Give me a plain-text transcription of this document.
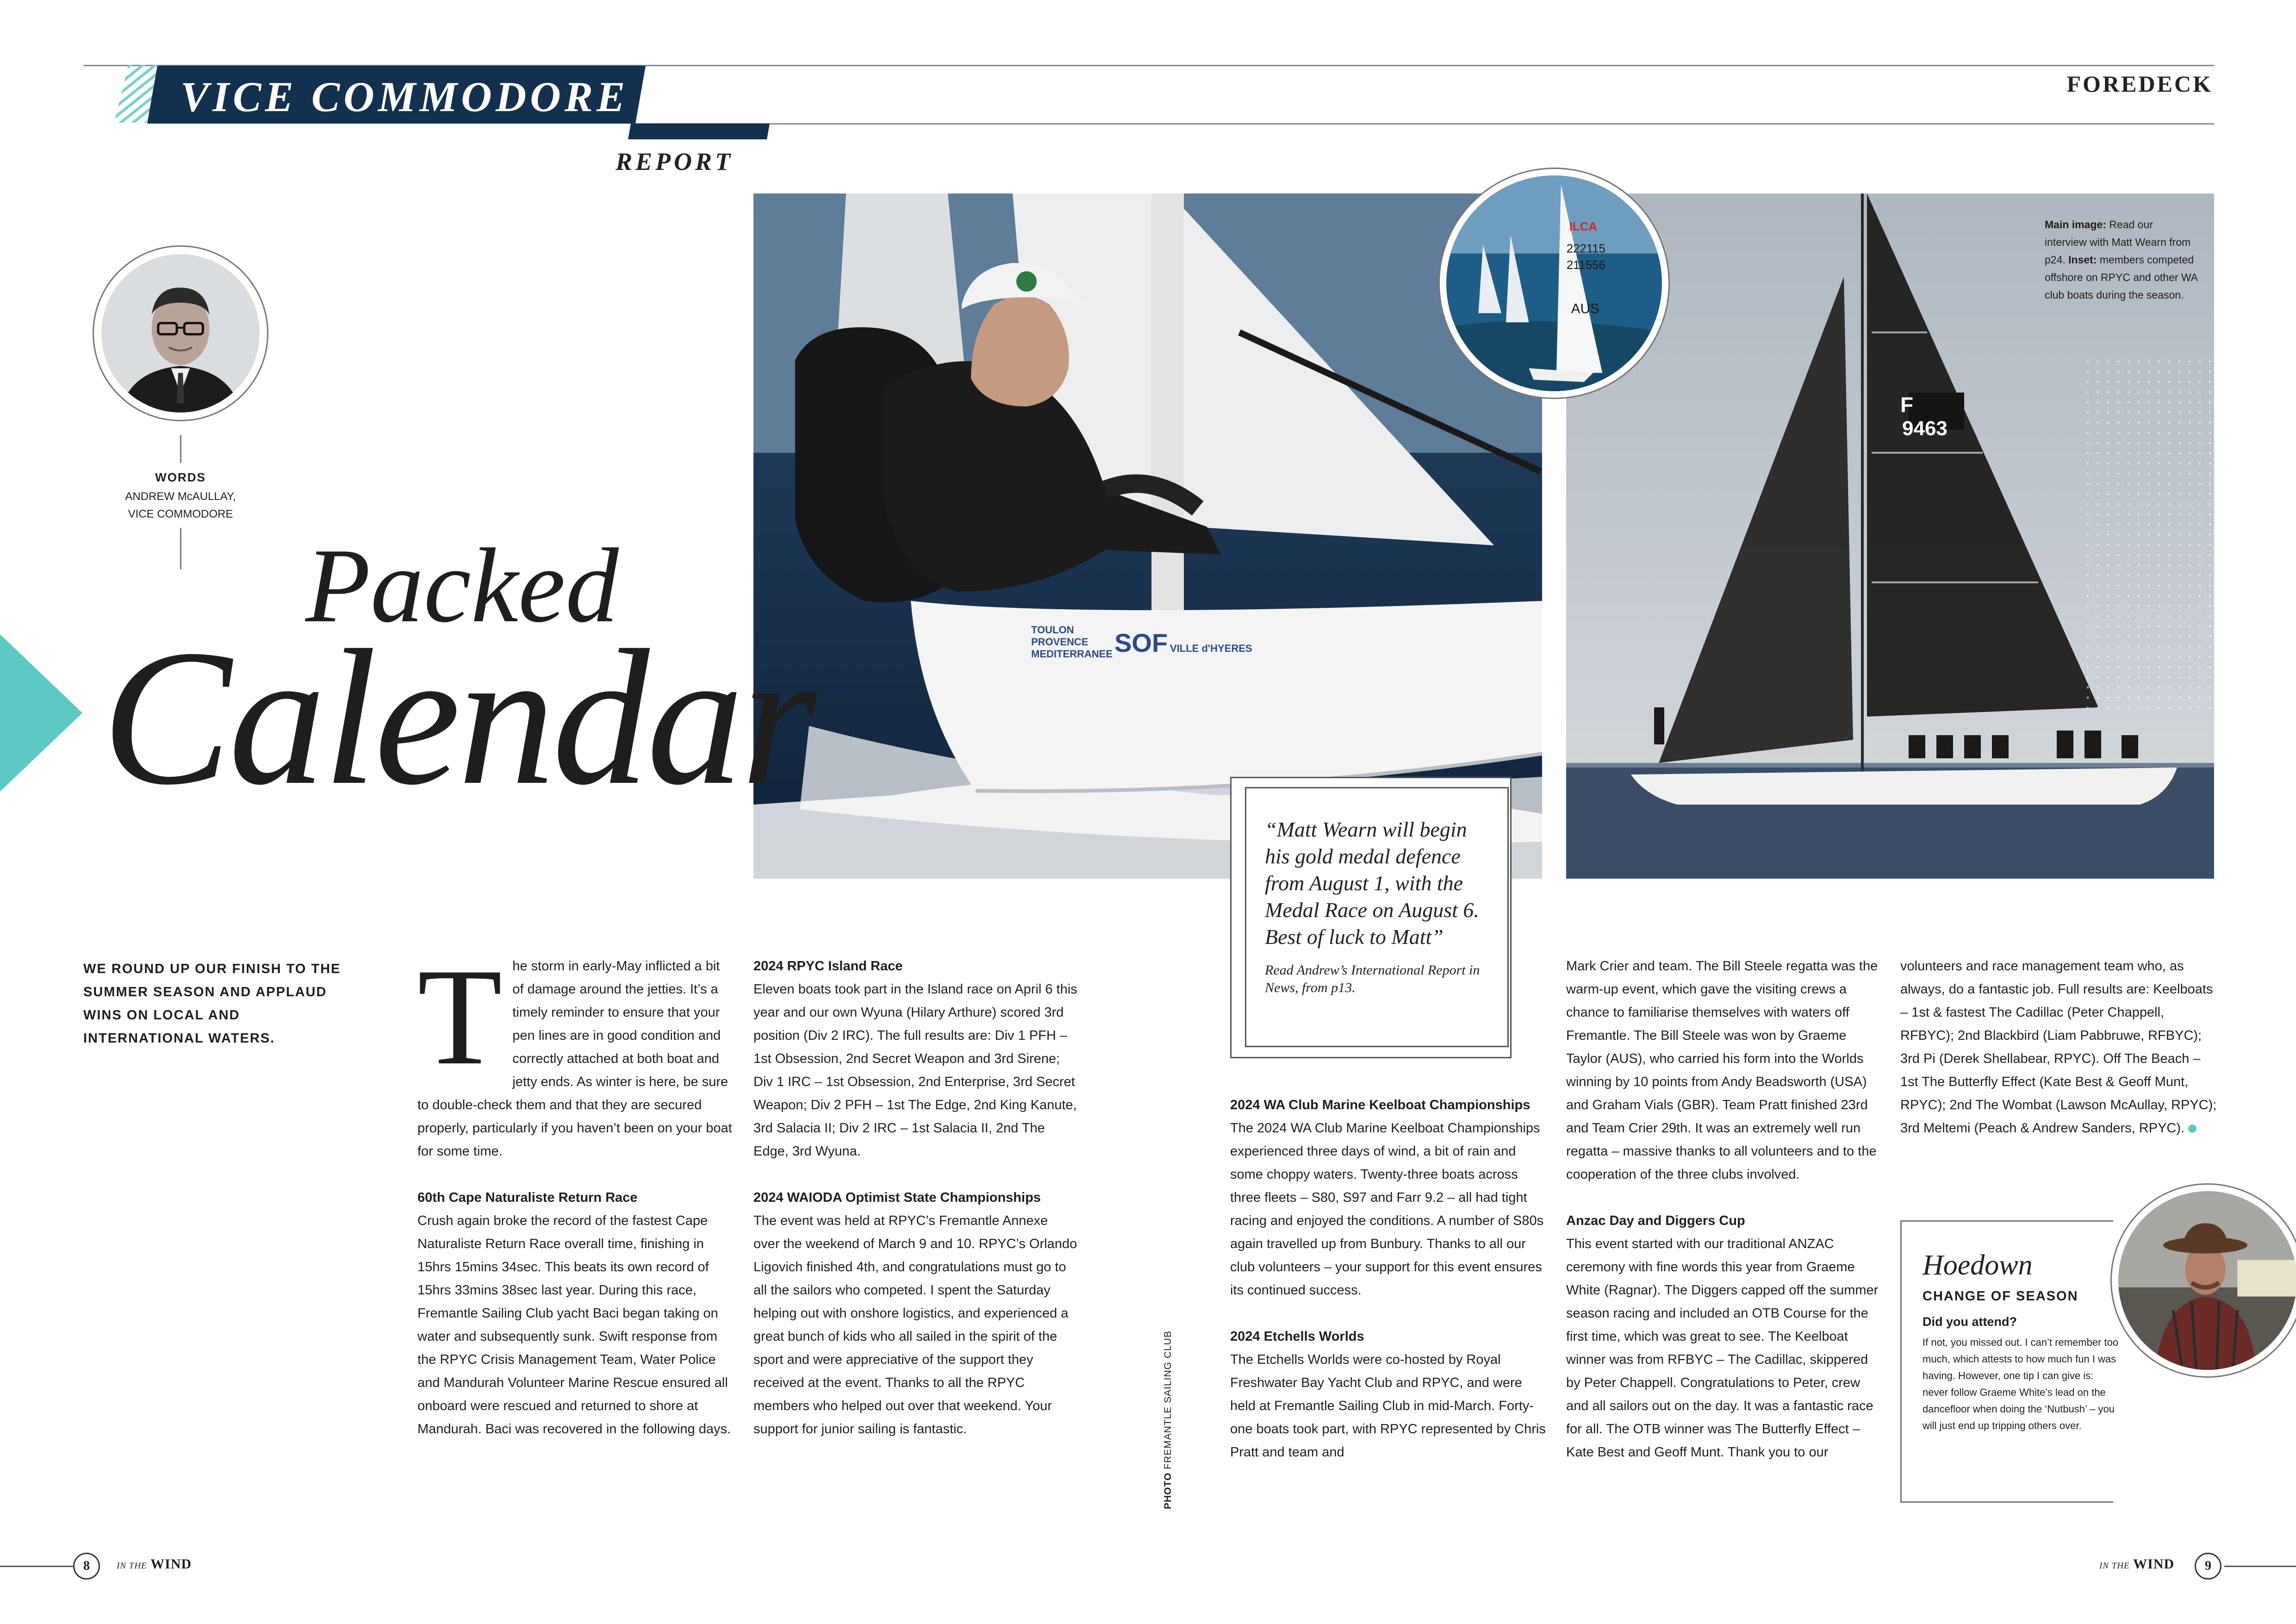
VICE COMMODORE
REPORT
FOREDECK
WORDS
ANDREW McAULLAY,
VICE COMMODORE
TOULON
PROVENCE
MEDITERRANEE SOF VILLE d'HYERES
F
9463
Main image: Read our interview with Matt Wearn from p24. Inset: members competed offshore on RPYC and other WA club boats during the season.
ILCA
222115
211556
AUS
Packed
Calendar
“Matt Wearn will begin his gold medal defence from August 1, with the Medal Race on August 6. Best of luck to Matt”
Read Andrew’s International Report in News, from p13.
WE ROUND UP OUR FINISH TO THE SUMMER SEASON AND APPLAUD WINS ON LOCAL AND INTERNATIONAL WATERS.	The storm in early-May inflicted a bit of damage around the jetties. It’s a timely reminder to ensure that your pen lines are in good condition and correctly attached at both boat and jetty ends. As winter is here, be sure to double-check them and that they are secured properly, particularly if you haven’t been on your boat for some time.

60th Cape Naturaliste Return Race

Crush again broke the record of the fastest Cape Naturaliste Return Race overall time, finishing in 15hrs 15mins 34sec. This beats its own record of 15hrs 33mins 38sec last year. During this race, Fremantle Sailing Club yacht Baci began taking on water and subsequently sunk. Swift response from the RPYC Crisis Management Team, Water Police and Mandurah Volunteer Marine Rescue ensured all onboard were rescued and returned to shore at Mandurah. Baci was recovered in the following days.

2024 RPYC Island Race

Eleven boats took part in the Island race on April 6 this year and our own Wyuna (Hilary Arthure) scored 3rd position (Div 2 IRC). The full results are: Div 1 PFH – 1st Obsession, 2nd Secret Weapon and 3rd Sirene; Div 1 IRC – 1st Obsession, 2nd Enterprise, 3rd Secret Weapon; Div 2 PFH – 1st The Edge, 2nd King Kanute, 3rd Salacia II; Div 2 IRC – 1st Salacia II, 2nd The Edge, 3rd Wyuna.

2024 WAIODA Optimist State Championships

The event was held at RPYC’s Fremantle Annexe over the weekend of March 9 and 10. RPYC’s Orlando Ligovich finished 4th, and congratulations must go to all the sailors who competed. I spent the Saturday helping out with onshore logistics, and experienced a great bunch of kids who all sailed in the spirit of the sport and were appreciative of the support they received at the event. Thanks to all the RPYC members who helped out over that weekend. Your support for junior sailing is fantastic.

PHOTO FREMANTLE SAILING CLUB
2024 WA Club Marine Keelboat Championships

The 2024 WA Club Marine Keelboat Championships experienced three days of wind, a bit of rain and some choppy waters. Twenty-three boats across three fleets – S80, S97 and Farr 9.2 – all had tight racing and enjoyed the conditions. A number of S80s again travelled up from Bunbury. Thanks to all our club volunteers – your support for this event ensures its continued success.

2024 Etchells Worlds

The Etchells Worlds were co-hosted by Royal Freshwater Bay Yacht Club and RPYC, and were held at Fremantle Sailing Club in mid-March. Forty-one boats took part, with RPYC represented by Chris Pratt and team and

Mark Crier and team. The Bill Steele regatta was the warm-up event, which gave the visiting crews a chance to familiarise themselves with waters off Fremantle. The Bill Steele was won by Graeme Taylor (AUS), who carried his form into the Worlds winning by 10 points from Andy Beadsworth (USA) and Graham Vials (GBR). Team Pratt finished 23rd and Team Crier 29th. It was an extremely well run regatta – massive thanks to all volunteers and to the cooperation of the three clubs involved.

Anzac Day and Diggers Cup

This event started with our traditional ANZAC ceremony with fine words this year from Graeme White (Ragnar). The Diggers capped off the summer season racing and included an OTB Course for the first time, which was great to see. The Keelboat winner was from RFBYC – The Cadillac, skippered by Peter Chappell. Congratulations to Peter, crew and all sailors out on the day. It was a fantastic race for all. The OTB winner was The Butterfly Effect – Kate Best and Geoff Munt. Thank you to our

volunteers and race management team who, as always, do a fantastic job. Full results are: Keelboats – 1st & fastest The Cadillac (Peter Chappell, RFBYC); 2nd Blackbird (Liam Pabbruwe, RFBYC); 3rd Pi (Derek Shellabear, RPYC). Off The Beach – 1st The Butterfly Effect (Kate Best & Geoff Munt, RPYC); 2nd The Wombat (Lawson McAullay, RPYC); 3rd Meltemi (Peach & Andrew Sanders, RPYC).

Hoedown
CHANGE OF SEASON
Did you attend?
If not, you missed out. I can’t remember too much, which attests to how much fun I was having. However, one tip I can give is: never follow Graeme White’s lead on the dancefloor when doing the ‘Nutbush’ – you will just end up tripping others over.
8	IN THE WIND	IN THE WIND	9
